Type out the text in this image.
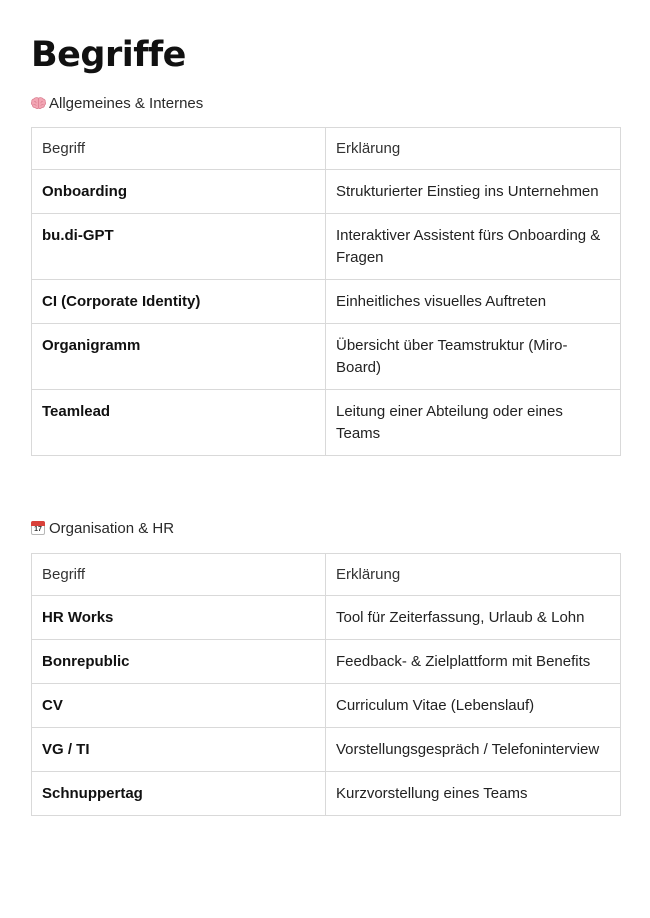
Begriffe
Allgemeines & Internes
Begriff	Erklärung
Onboarding	Strukturierter Einstieg ins Unternehmen
bu.di-GPT	Interaktiver Assistent fürs Onboarding & Fragen
CI (Corporate Identity)	Einheitliches visuelles Auftreten
Organigramm	Übersicht über Teamstruktur (Miro-Board)
Teamlead	Leitung einer Abteilung oder eines Teams
17 Organisation & HR
Begriff	Erklärung
HR Works	Tool für Zeiterfassung, Urlaub & Lohn
Bonrepublic	Feedback- & Zielplattform mit Benefits
CV	Curriculum Vitae (Lebenslauf)
VG / TI	Vorstellungsgespräch / Telefoninterview
Schnuppertag	Kurzvorstellung eines Teams
